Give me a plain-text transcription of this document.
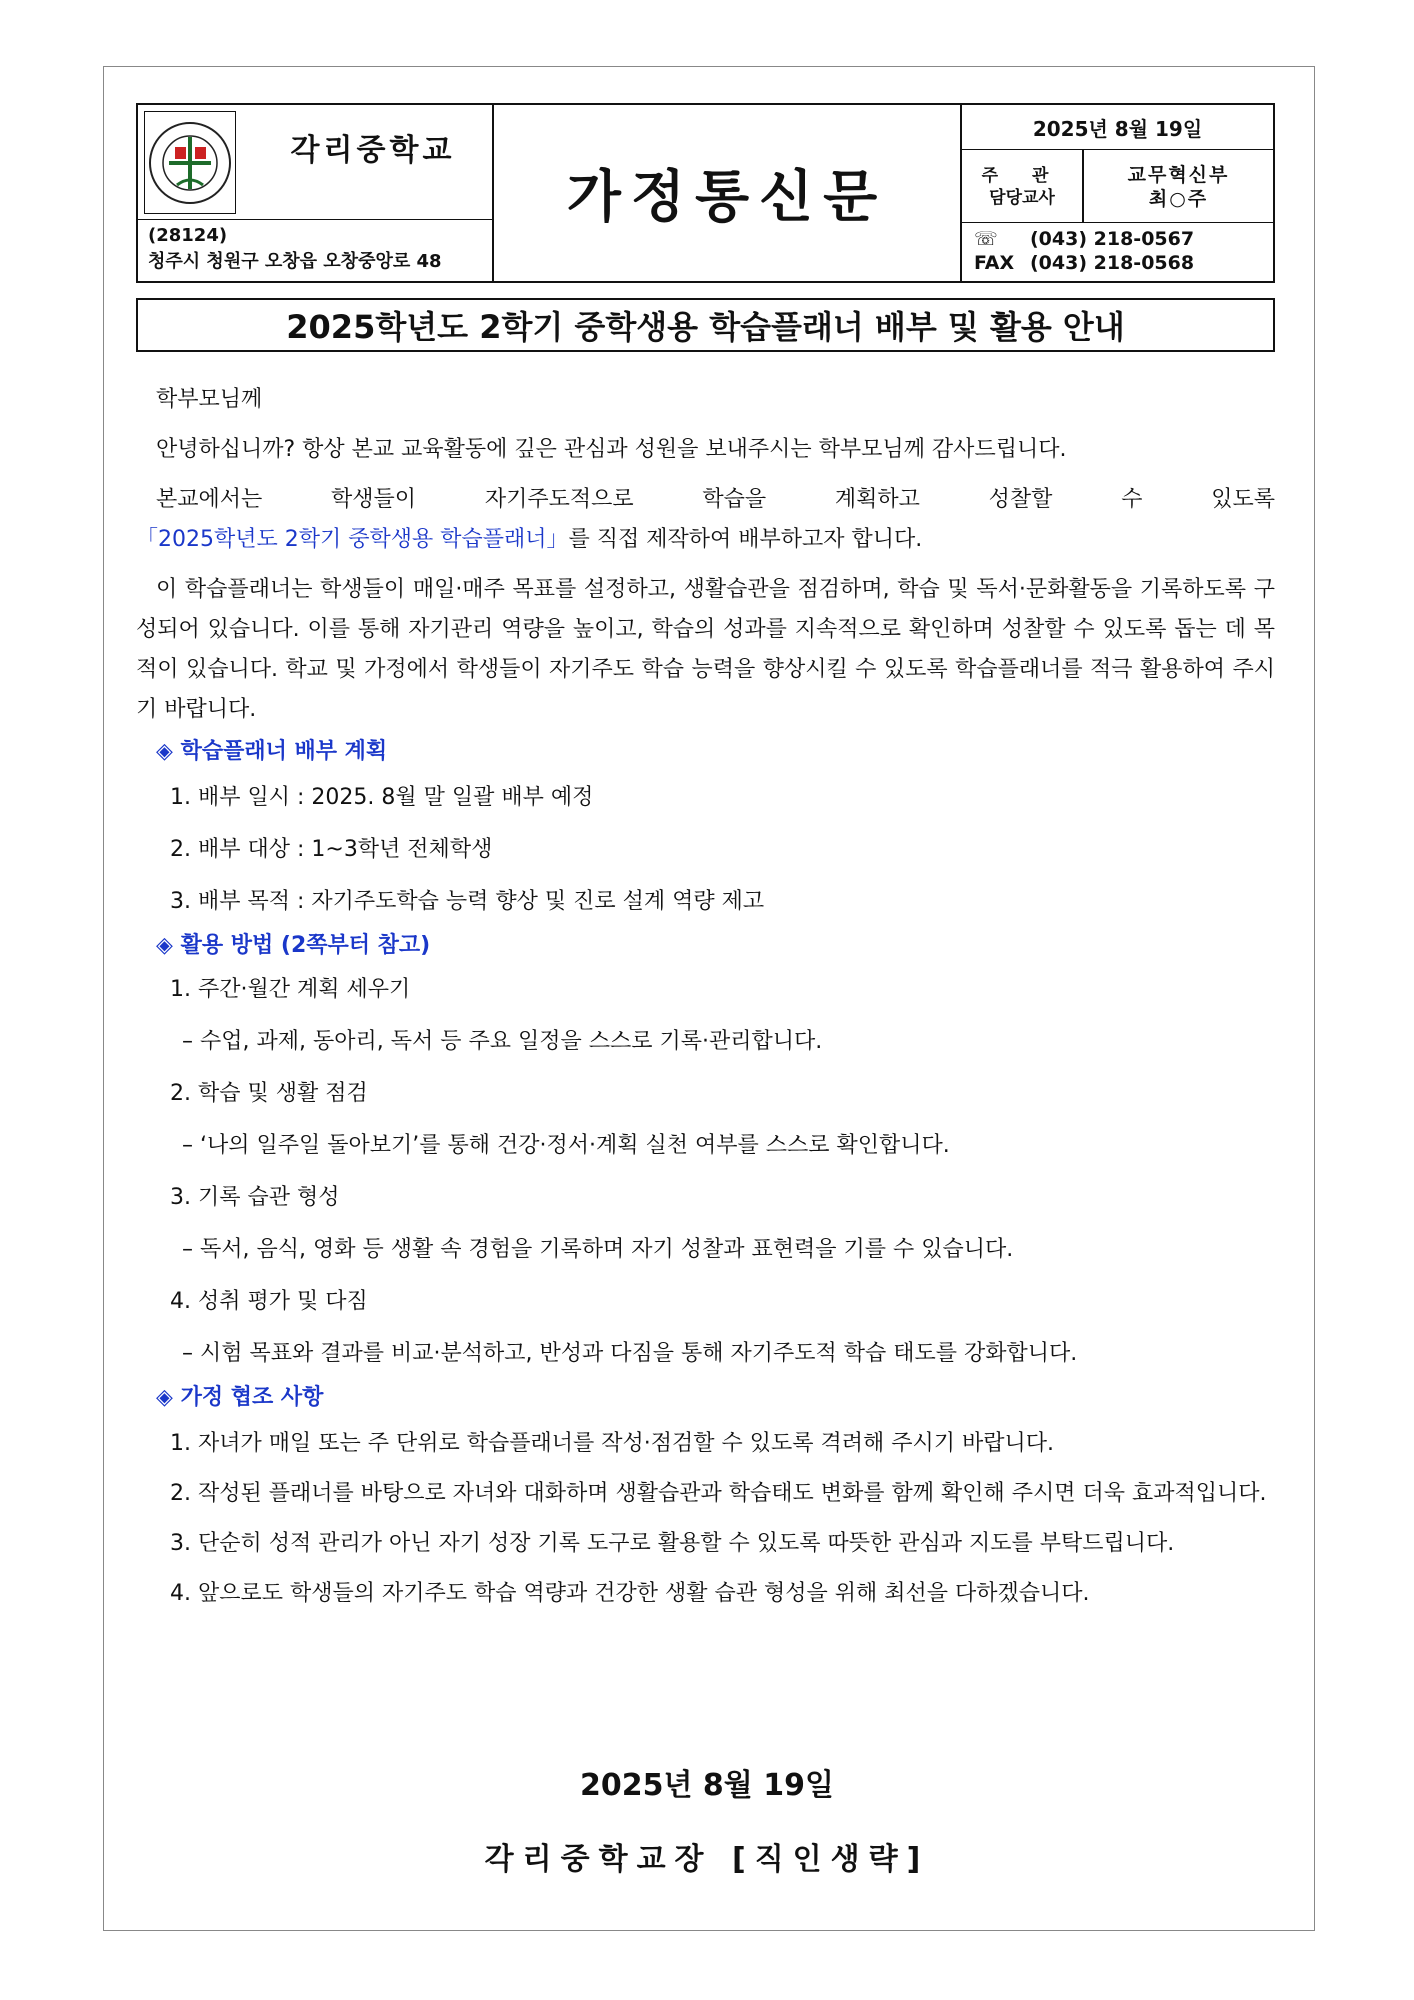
각리중학교
(28124)
청주시 청원구 오창읍 오창중앙로 48
가정통신문
2025년 8월 19일
주 관
담당교사
교무혁신부
최○주
☏ (043) 218-0567
FAX (043) 218-0568
2025학년도 2학기 중학생용 학습플래너 배부 및 활용 안내

학부모님께

안녕하십니까? 항상 본교 교육활동에 깊은 관심과 성원을 보내주시는 학부모님께 감사드립니다.

본교에서는 학생들이 자기주도적으로 학습을 계획하고 성찰할 수 있도록 「2025학년도 2학기 중학생용 학습플래너」를 직접 제작하여 배부하고자 합니다.

이 학습플래너는 학생들이 매일·매주 목표를 설정하고, 생활습관을 점검하며, 학습 및 독서·문화활동을 기록하도록 구성되어 있습니다. 이를 통해 자기관리 역량을 높이고, 학습의 성과를 지속적으로 확인하며 성찰할 수 있도록 돕는 데 목적이 있습니다. 학교 및 가정에서 학생들이 자기주도 학습 능력을 향상시킬 수 있도록 학습플래너를 적극 활용하여 주시기 바랍니다.

◈ 학습플래너 배부 계획

1. 배부 일시 : 2025. 8월 말 일괄 배부 예정

2. 배부 대상 : 1~3학년 전체학생

3. 배부 목적 : 자기주도학습 능력 향상 및 진로 설계 역량 제고

◈ 활용 방법 (2쪽부터 참고)

1. 주간·월간 계획 세우기

– 수업, 과제, 동아리, 독서 등 주요 일정을 스스로 기록·관리합니다.

2. 학습 및 생활 점검

– ‘나의 일주일 돌아보기’를 통해 건강·정서·계획 실천 여부를 스스로 확인합니다.

3. 기록 습관 형성

– 독서, 음식, 영화 등 생활 속 경험을 기록하며 자기 성찰과 표현력을 기를 수 있습니다.

4. 성취 평가 및 다짐

– 시험 목표와 결과를 비교·분석하고, 반성과 다짐을 통해 자기주도적 학습 태도를 강화합니다.

◈ 가정 협조 사항

1. 자녀가 매일 또는 주 단위로 학습플래너를 작성·점검할 수 있도록 격려해 주시기 바랍니다.

2. 작성된 플래너를 바탕으로 자녀와 대화하며 생활습관과 학습태도 변화를 함께 확인해 주시면 더욱 효과적입니다.

3. 단순히 성적 관리가 아닌 자기 성장 기록 도구로 활용할 수 있도록 따뜻한 관심과 지도를 부탁드립니다.

4. 앞으로도 학생들의 자기주도 학습 역량과 건강한 생활 습관 형성을 위해 최선을 다하겠습니다.

2025년 8월 19일
각리중학교장 [직인생략]
